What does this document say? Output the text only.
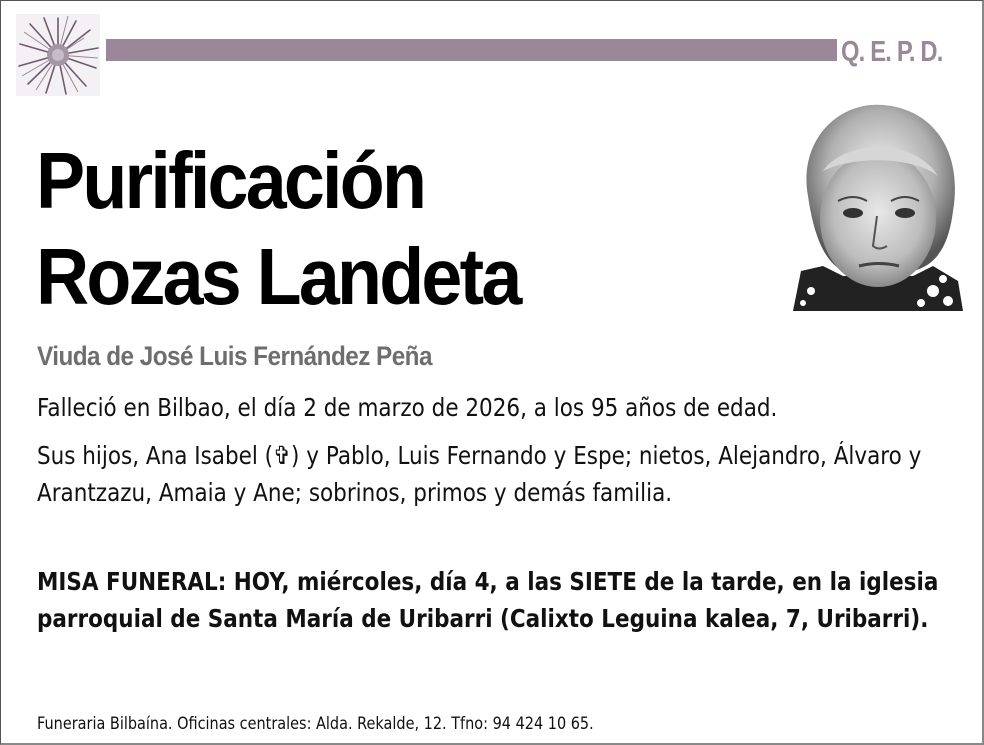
Q. E. P. D.
Purificación
Rozas Landeta
Viuda de José Luis Fernández Peña
Falleció en Bilbao, el día 2 de marzo de 2026, a los 95 años de edad.
Sus hijos, Ana Isabel (✞) y Pablo, Luis Fernando y Espe; nietos, Alejandro, Álvaro y Arantzazu, Amaia y Ane; sobrinos, primos y demás familia.
MISA FUNERAL: HOY, miércoles, día 4, a las SIETE de la tarde, en la iglesia parroquial de Santa María de Uribarri (Calixto Leguina kalea, 7, Uribarri).
Funeraria Bilbaína. Oficinas centrales: Alda. Rekalde, 12. Tfno: 94 424 10 65.
